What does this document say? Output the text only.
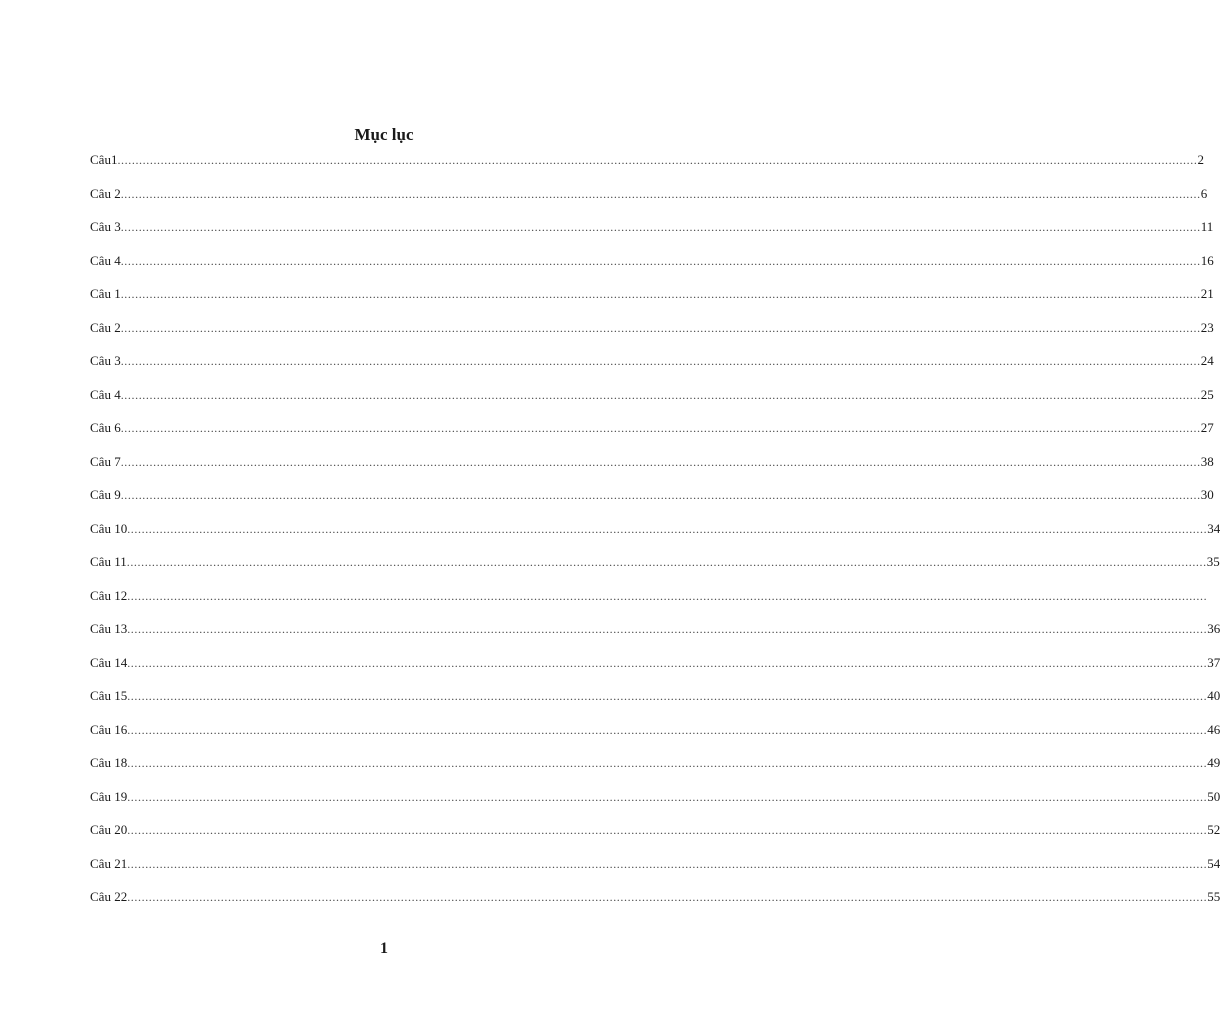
Mục lục
Câu1 ............................................................................................................................................................................................................................................................................................................ 2
Câu 2 ............................................................................................................................................................................................................................................................................................................ 6
Câu 3 ............................................................................................................................................................................................................................................................................................................ 11
Câu 4 ............................................................................................................................................................................................................................................................................................................ 16
Câu 1 ............................................................................................................................................................................................................................................................................................................ 21
Câu 2 ............................................................................................................................................................................................................................................................................................................ 23
Câu 3 ............................................................................................................................................................................................................................................................................................................ 24
Câu 4 ............................................................................................................................................................................................................................................................................................................ 25
Câu 6 ............................................................................................................................................................................................................................................................................................................ 27
Câu 7 ............................................................................................................................................................................................................................................................................................................ 38
Câu 9 ............................................................................................................................................................................................................................................................................................................ 30
Câu 10 ............................................................................................................................................................................................................................................................................................................ 34
Câu 11 ............................................................................................................................................................................................................................................................................................................ 35
Câu 12 ............................................................................................................................................................................................................................................................................................................
Câu 13 ............................................................................................................................................................................................................................................................................................................ 36
Câu 14 ............................................................................................................................................................................................................................................................................................................ 37
Câu 15 ............................................................................................................................................................................................................................................................................................................ 40
Câu 16 ............................................................................................................................................................................................................................................................................................................ 46
Câu 18 ............................................................................................................................................................................................................................................................................................................ 49
Câu 19 ............................................................................................................................................................................................................................................................................................................ 50
Câu 20 ............................................................................................................................................................................................................................................................................................................ 52
Câu 21 ............................................................................................................................................................................................................................................................................................................ 54
Câu 22 ............................................................................................................................................................................................................................................................................................................ 55
1
